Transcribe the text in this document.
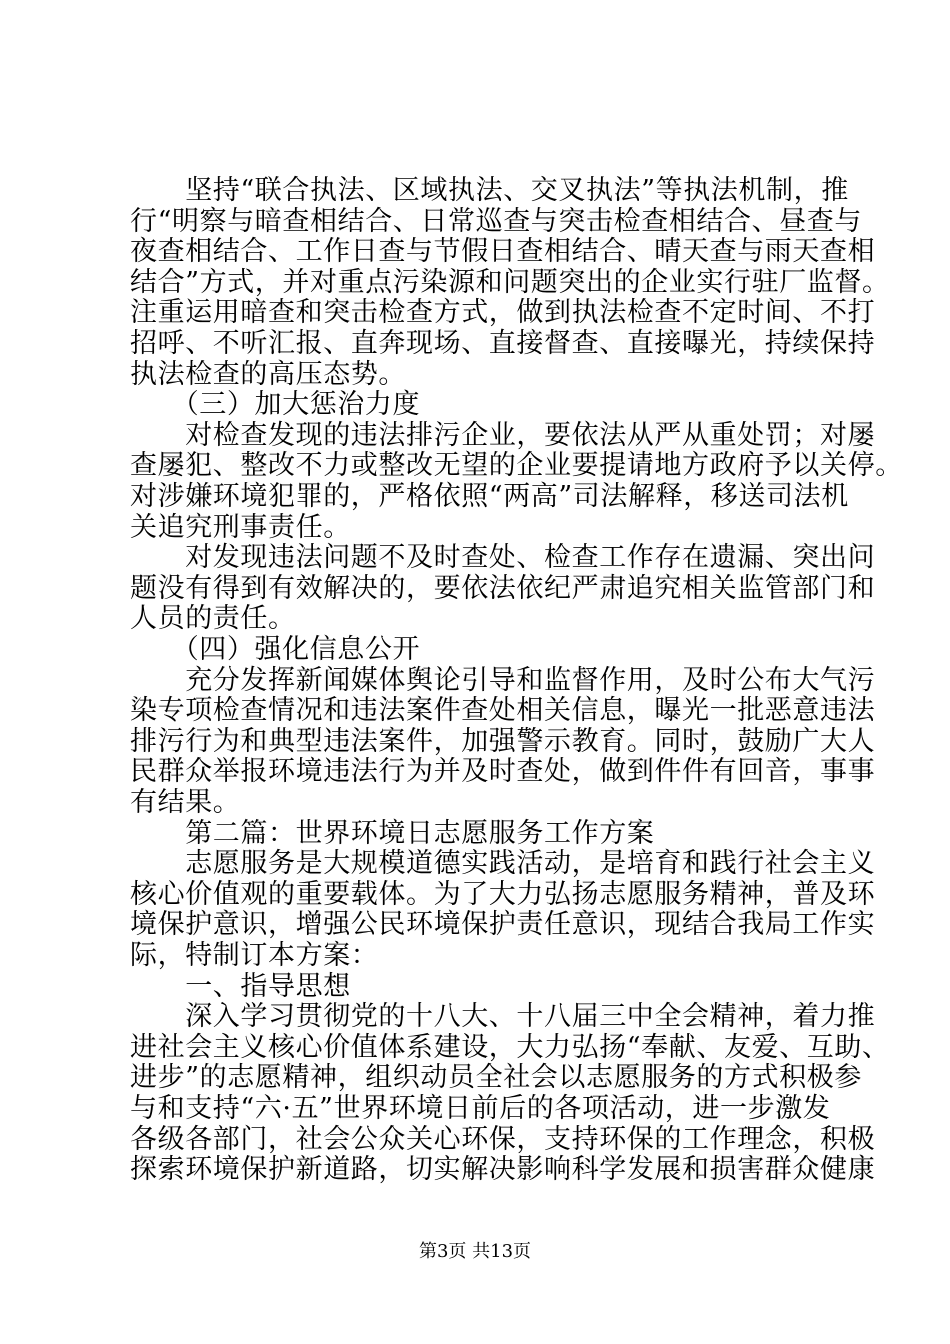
　　坚持“联合执法、区域执法、交叉执法”等执法机制，推
行“明察与暗查相结合、日常巡查与突击检查相结合、昼查与
夜查相结合、工作日查与节假日查相结合、晴天查与雨天查相
结合”方式，并对重点污染源和问题突出的企业实行驻厂监督。
注重运用暗查和突击检查方式，做到执法检查不定时间、不打
招呼、不听汇报、直奔现场、直接督查、直接曝光，持续保持
执法检查的高压态势。
　　（三）加大惩治力度
　　对检查发现的违法排污企业，要依法从严从重处罚；对屡
查屡犯、整改不力或整改无望的企业要提请地方政府予以关停。
对涉嫌环境犯罪的，严格依照“两高”司法解释，移送司法机
关追究刑事责任。
　　对发现违法问题不及时查处、检查工作存在遗漏、突出问
题没有得到有效解决的，要依法依纪严肃追究相关监管部门和
人员的责任。
　　（四）强化信息公开
　　充分发挥新闻媒体舆论引导和监督作用，及时公布大气污
染专项检查情况和违法案件查处相关信息，曝光一批恶意违法
排污行为和典型违法案件，加强警示教育。同时，鼓励广大人
民群众举报环境违法行为并及时查处，做到件件有回音，事事
有结果。
　　第二篇：世界环境日志愿服务工作方案
　　志愿服务是大规模道德实践活动，是培育和践行社会主义
核心价值观的重要载体。为了大力弘扬志愿服务精神，普及环
境保护意识，增强公民环境保护责任意识，现结合我局工作实
际，特制订本方案：
　　一、指导思想
　　深入学习贯彻党的十八大、十八届三中全会精神，着力推
进社会主义核心价值体系建设，大力弘扬“奉献、友爱、互助、
进步”的志愿精神，组织动员全社会以志愿服务的方式积极参
与和支持“六·五”世界环境日前后的各项活动，进一步激发
第3页 共13页
各级各部门，社会公众关心环保，支持环保的工作理念，积极
探索环境保护新道路，切实解决影响科学发展和损害群众健康
